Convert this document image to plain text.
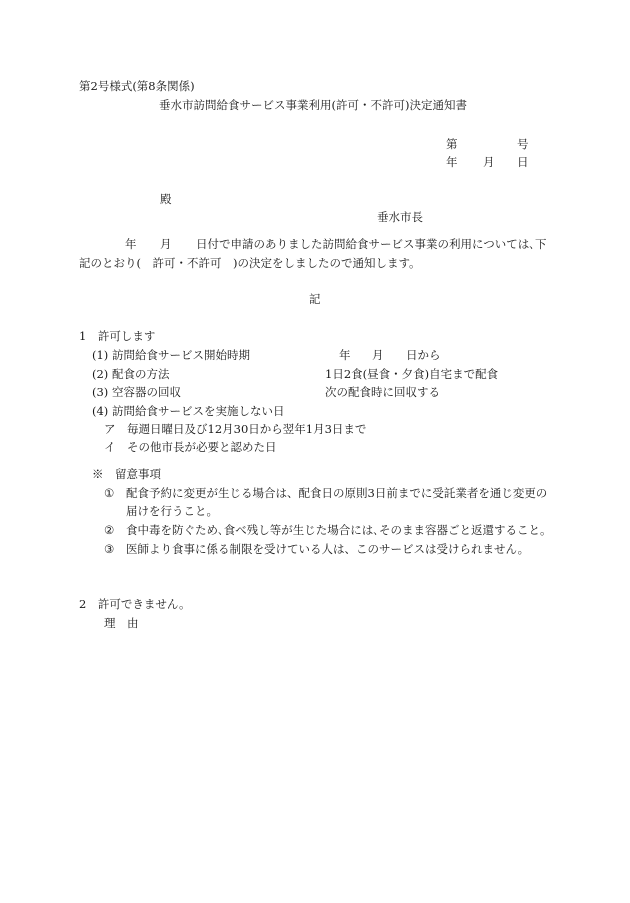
第2号様式(第8条関係)
垂水市訪問給食サービス事業利用(許可・不許可)決定通知書
第	号
年 月 日
殿
垂水市長
年 月 日付で申請のありました訪問給食サービス事業の利用については､下
記のとおり(　許可・不許可　)の決定をしましたので通知します。
記
1　許可します
(1) 訪問給食サービス開始時期	年 月 日から
(2) 配食の方法	1日2食(昼食・夕食)自宅まで配食
(3) 空容器の回収	次の配食時に回収する
(4) 訪問給食サービスを実施しない日
ア　毎週日曜日及び12月30日から翌年1月3日まで
イ　その他市長が必要と認めた日
※　留意事項
① 配食予約に変更が生じる場合は、配食日の原則3日前までに受託業者を通じ変更の
届けを行うこと。
② 食中毒を防ぐため､食べ残し等が生じた場合には､そのまま容器ごと返還すること。
③ 医師より食事に係る制限を受けている人は、このサービスは受けられません。
2　許可できません。
理　由
